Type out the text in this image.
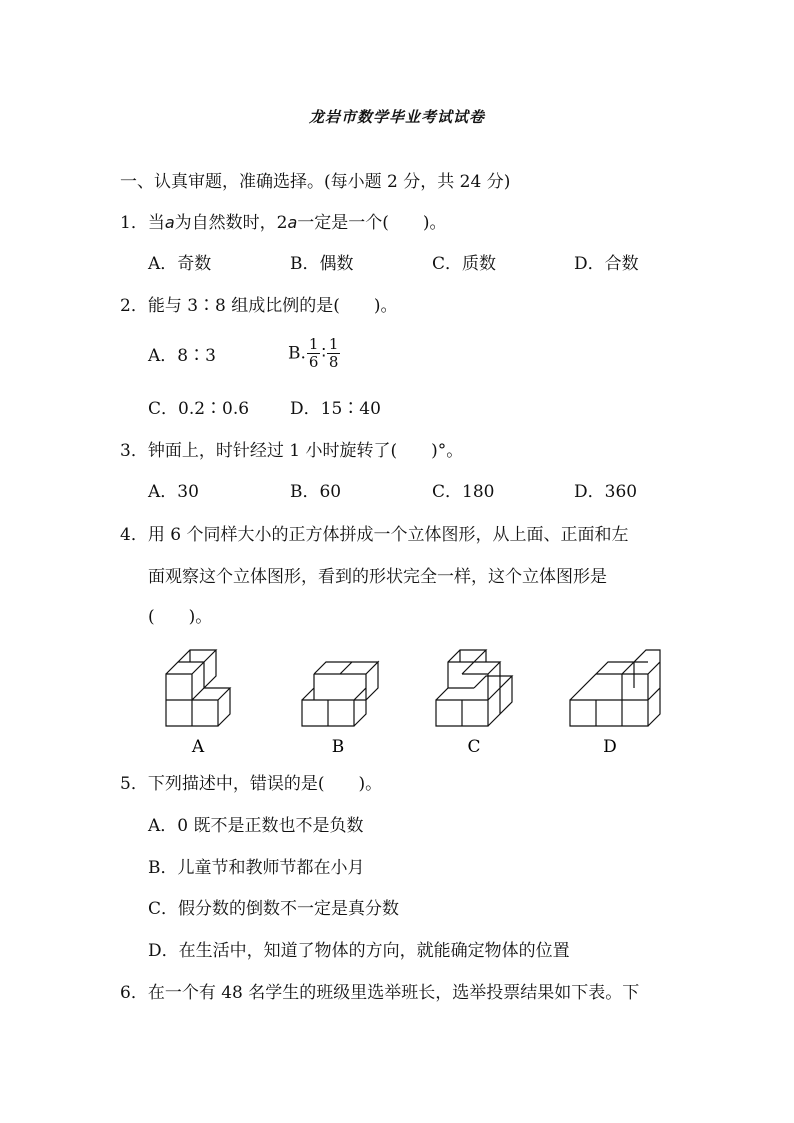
龙岩市数学毕业考试试卷
一、认真审题，准确选择。(每小题 2 分，共 24 分)
1．当a为自然数时，2a一定是一个(　　)。
A．奇数	B．偶数	C．质数	D．合数
2．能与 3∶8 组成比例的是(　　)。
A．8∶3	B. $\frac{1}{6}$ ∶ $\frac{1}{8}$
C．0.2∶0.6 D．15∶40
3．钟面上，时针经过 1 小时旋转了(　　)°。
A．30	B．60	C．180	D．360
4．用 6 个同样大小的正方体拼成一个立体图形，从上面、正面和左
面观察这个立体图形，看到的形状完全一样，这个立体图形是
(　　)。
A	B	C	D
5．下列描述中，错误的是(　　)。
A．0 既不是正数也不是负数
B．儿童节和教师节都在小月
C．假分数的倒数不一定是真分数
D．在生活中，知道了物体的方向，就能确定物体的位置
6．在一个有 48 名学生的班级里选举班长，选举投票结果如下表。下
